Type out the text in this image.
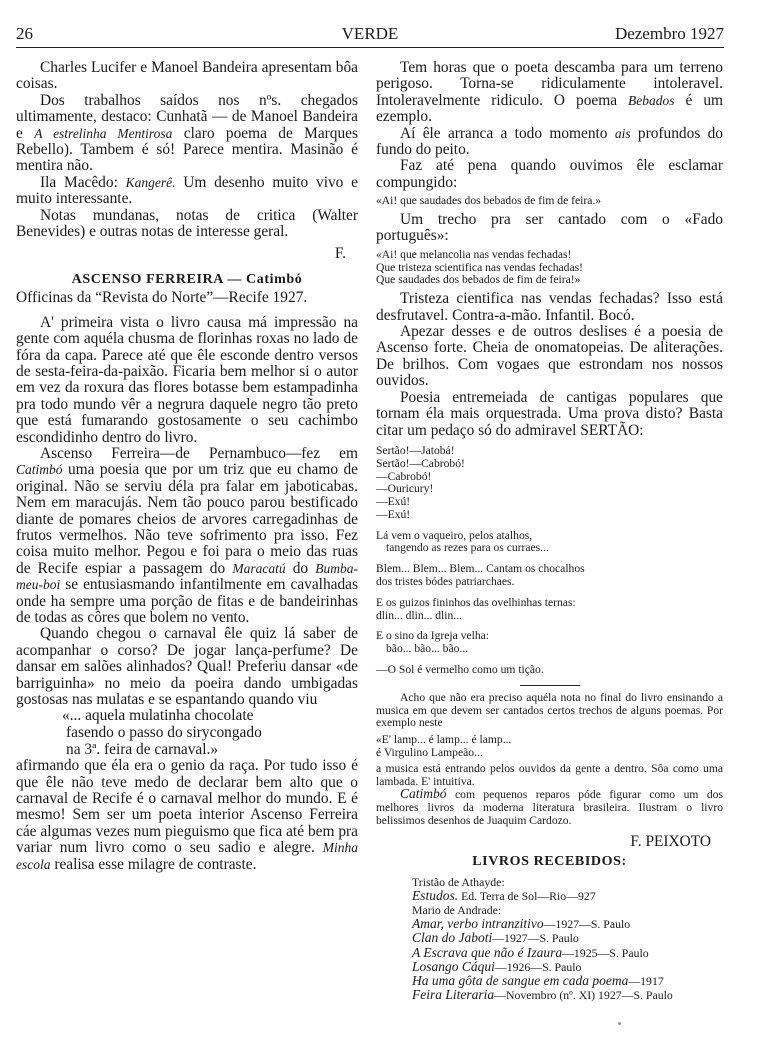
26	VERDE	Dezembro 1927

Charles Lucifer e Manoel Bandeira apresentam bôa coisas.

Dos trabalhos saídos nos nºs. chegados ultimamente, destaco: Cunhatã — de Manoel Bandeira e A estrelinha Mentirosa claro poema de Marques Rebello). Tambem é só! Parece mentira. Masinão é mentira não.

Ila Macêdo: Kangerê. Um desenho muito vivo e muito interessante.

Notas mundanas, notas de critica (Walter Benevides) e outras notas de interesse geral.

F.

ASCENSO FERREIRA — Catimbó

Officinas da “Revista do Norte”—Recife 1927.

A' primeira vista o livro causa má impressão na gente com aquéla chusma de florinhas roxas no lado de fóra da capa. Parece até que êle esconde dentro versos de sesta-feira-da-paixão. Ficaria bem melhor si o autor em vez da roxura das flores botasse bem estampadinha pra todo mundo vêr a negrura daquele negro tão preto que está fumarando gostosamente o seu cachimbo escondidinho dentro do livro.

Ascenso Ferreira—de Pernambuco—fez em Catimbó uma poesia que por um triz que eu chamo de original. Não se serviu déla pra falar em jaboticabas. Nem em maracujás. Nem tão pouco parou bestificado diante de pomares cheios de arvores carregadinhas de frutos vermelhos. Não teve sofrimento pra isso. Fez coisa muito melhor. Pegou e foi para o meio das ruas de Recife espiar a passagem do Maracatú do Bumba-meu-boi se entusiasmando infantilmente em cavalhadas onde ha sempre uma porção de fitas e de bandeirinhas de todas as côres que bolem no vento.

Quando chegou o carnaval êle quiz lá saber de acompanhar o corso? De jogar lança-perfume? De dansar em salões alinhados? Qual! Preferiu dansar «de barriguinha» no meio da poeira dando umbigadas gostosas nas mulatas e se espantando quando viu

«... aquela mulatinha chocolate

fasendo o passo do sirycongado

na 3ª. feira de carnaval.»

afirmando que éla era o genio da raça. Por tudo isso é que êle não teve medo de declarar bem alto que o carnaval de Recife é o carnaval melhor do mundo. E é mesmo! Sem ser um poeta interior Ascenso Ferreira cáe algumas vezes num pieguismo que fica até bem pra variar num livro como o seu sadio e alegre. Minha escola realisa esse milagre de contraste.

Tem horas que o poeta descamba para um terreno perigoso. Torna-se ridiculamente intoleravel. Intoleravelmente ridiculo. O poema Bebados é um ezemplo.

Aí êle arranca a todo momento ais profundos do fundo do peito.

Faz até pena quando ouvimos êle esclamar compungido:

«Ai! que saudades dos bebados de fim de feira.»

Um trecho pra ser cantado com o «Fado português»:

«Ai! que melancolia nas vendas fechadas!

Que tristeza scientifica nas vendas fechadas!

Que saudades dos bebados de fim de feira!»

Tristeza cientifica nas vendas fechadas? Isso está desfrutavel. Contra-a-mão. Infantil. Bocó.

Apezar desses e de outros deslises é a poesia de Ascenso forte. Cheia de onomatopeias. De aliterações. De brilhos. Com vogaes que estrondam nos nossos ouvidos.

Poesia entremeiada de cantigas populares que tornam éla mais orquestrada. Uma prova disto? Basta citar um pedaço só do admiravel SERTÃO:

Sertão!—Jatobá!

Sertão!—Cabrobó!

—Cabrobó!

—Ouricury!

—Exú!

—Exú!

Lá vem o vaqueiro, pelos atalhos,

tangendo as rezes para os curraes...

Blem... Blem... Blem... Cantam os chocalhos

dos tristes bódes patriarchaes.

E os guizos fininhos das ovelhinhas ternas:

dlin... dlin... dlin...

E o sino da Igreja velha:

bão... bão... bão...

—O Sol é vermelho como um tição.

Acho que não era preciso aquéla nota no final do livro ensinando a musica em que devem ser cantados certos trechos de alguns poemas. Por exemplo neste

«E' lamp... é lamp... é lamp...

é Virgulino Lampeão...

a musica está entrando pelos ouvidos da gente a dentro. Sôa como uma lambada. E' intuitiva.

Catimbó com pequenos reparos póde figurar como um dos melhores livros da moderna literatura brasileira. Ilustram o livro belissimos desenhos de Juaquim Cardozo.

F. PEIXOTO

LIVROS RECEBIDOS:

Tristão de Athayde:

Estudos. Ed. Terra de Sol—Rio—927

Mario de Andrade:

Amar, verbo intranzitivo—1927—S. Paulo

Clan do Jaboti—1927—S. Paulo

A Escrava que não é Izaura—1925—S. Paulo

Losango Cáqui—1926—S. Paulo

Ha uma gôta de sangue em cada poema—1917

Feira Literaria—Novembro (nº. XI) 1927—S. Paulo
